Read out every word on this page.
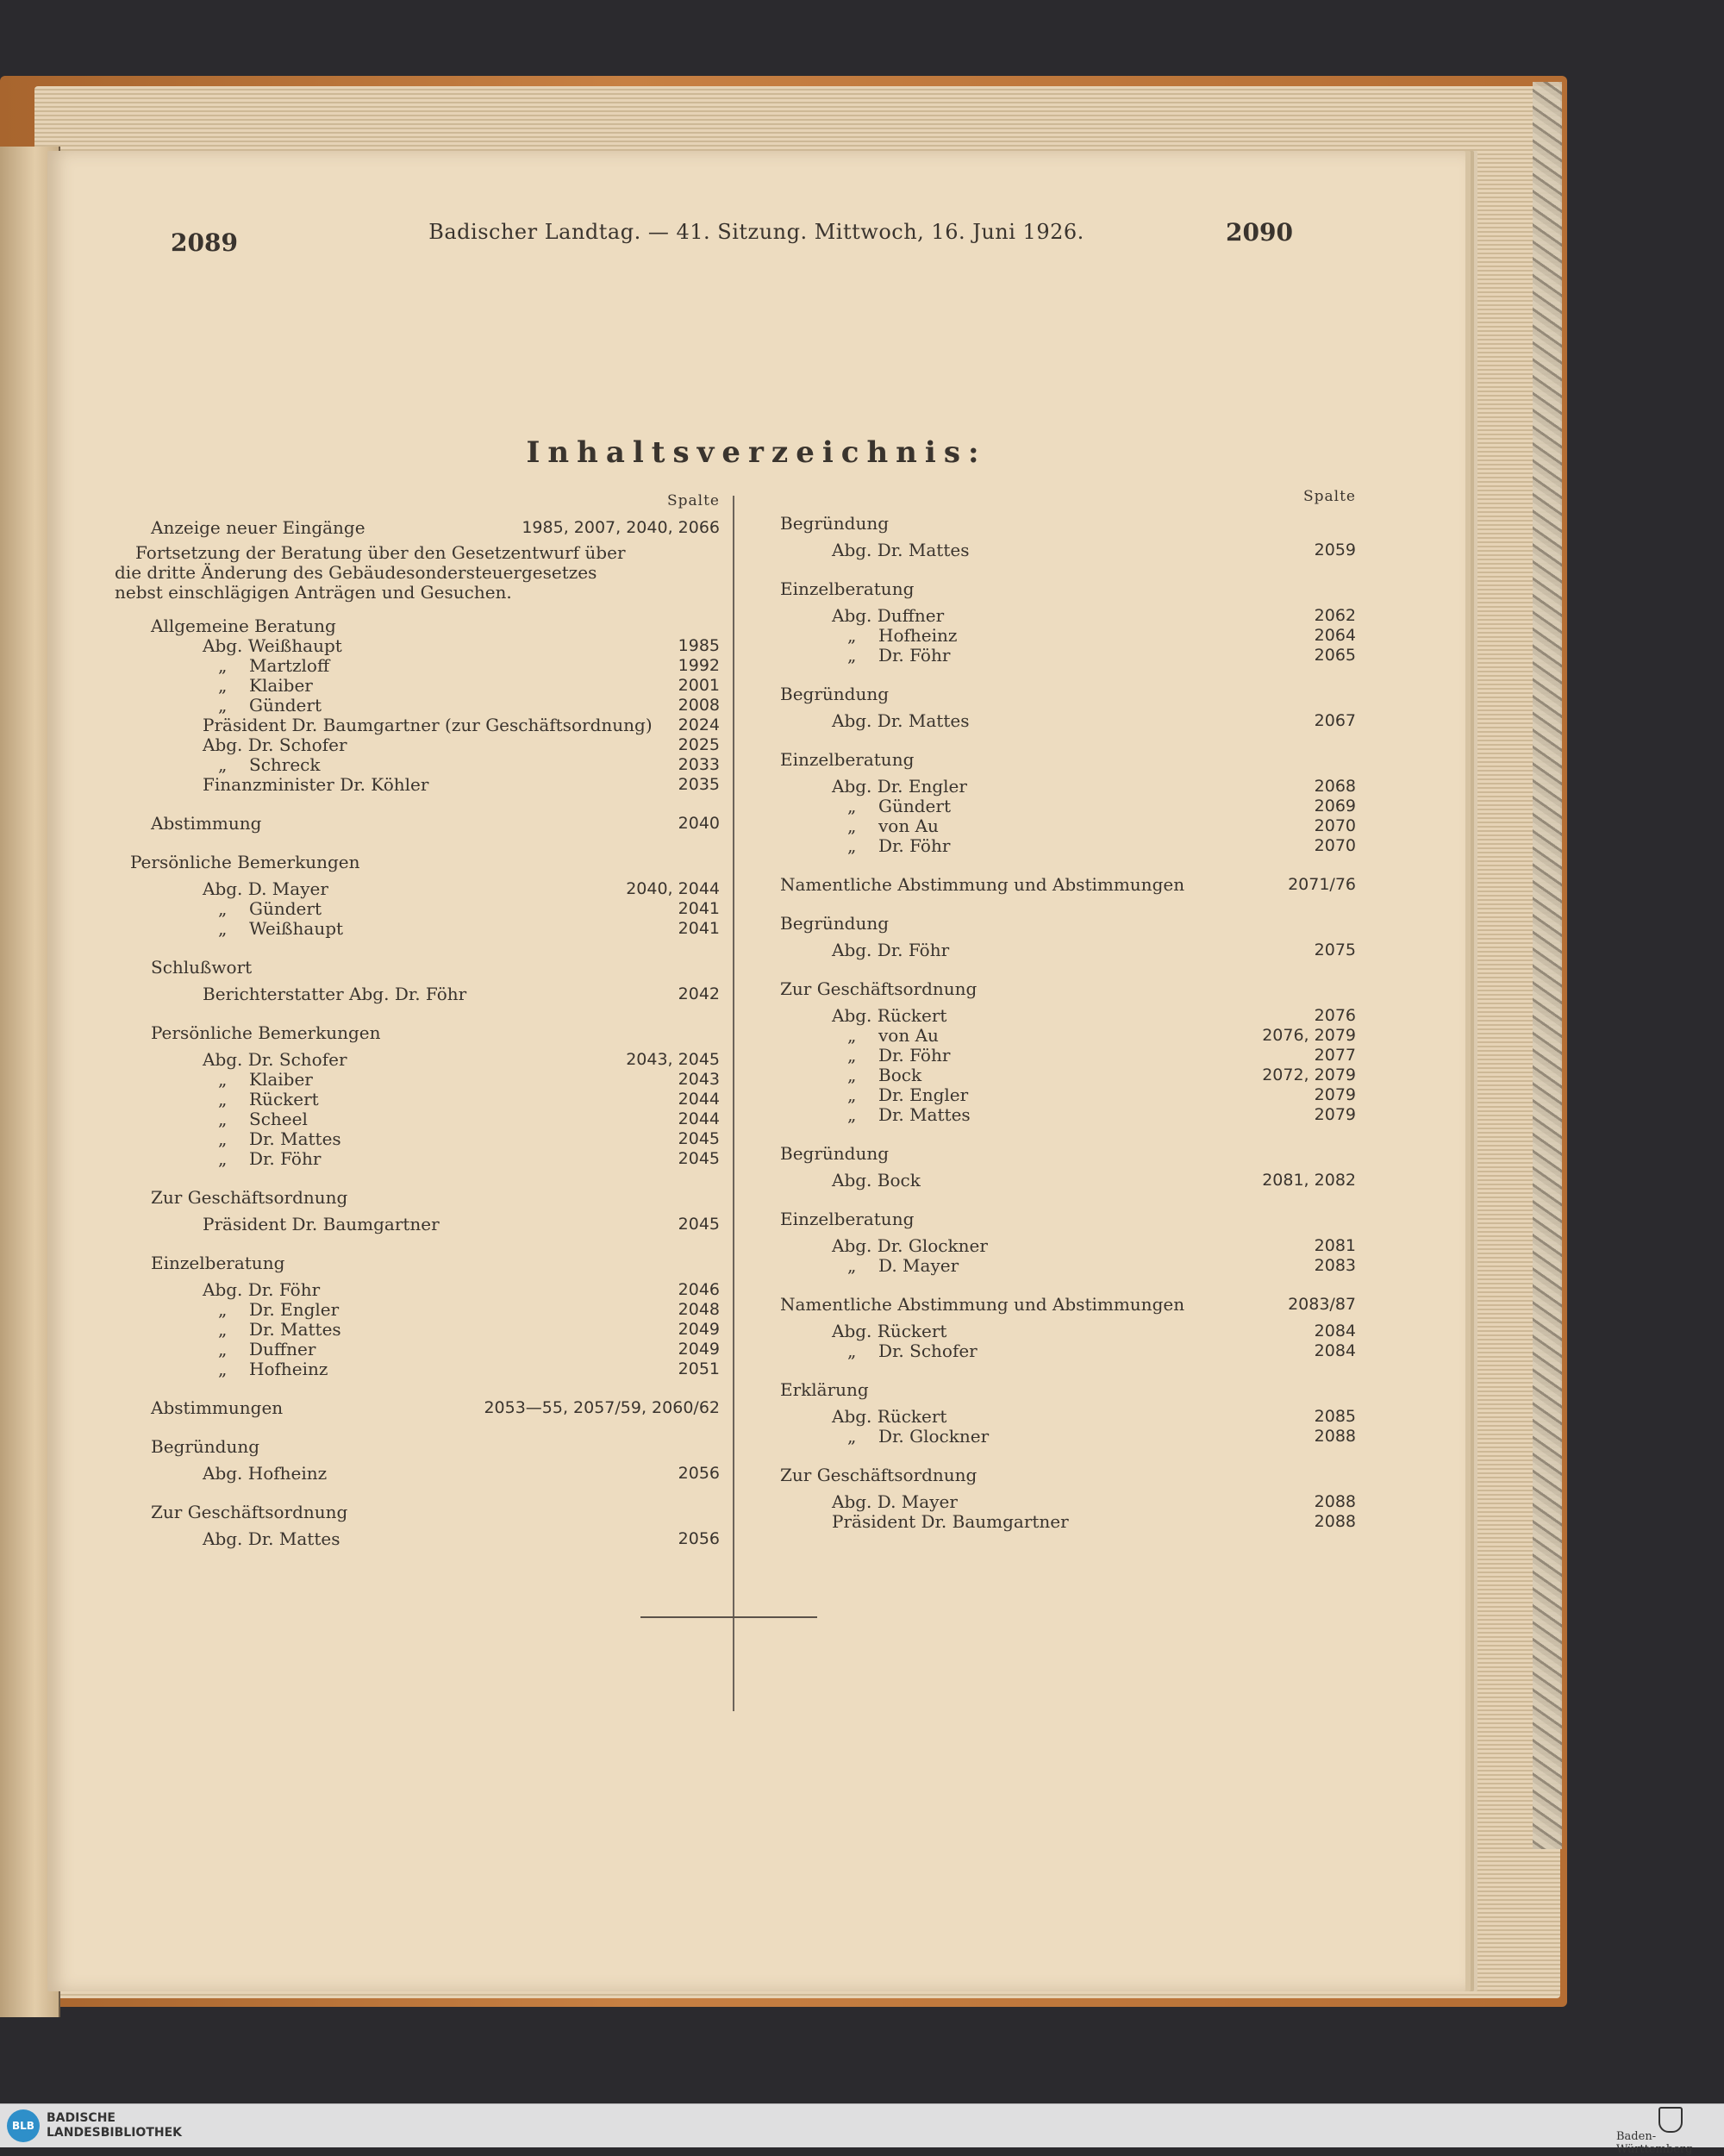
2089	Badischer Landtag. — 41. Sitzung. Mittwoch, 16. Juni 1926.	2090
Inhaltsverzeichnis:
Spalte
Anzeige neuer Eingänge	1985, 2007, 2040, 2066
Fortsetzung der Beratung über den Gesetzentwurf über die dritte Änderung des Gebäudesondersteuergesetzes nebst einschlägigen Anträgen und Gesuchen.
Allgemeine Beratung
Abg. Weißhaupt	1985
„ Martzloff	1992
„ Klaiber	2001
„ Gündert	2008
Präsident Dr. Baumgartner (zur Geschäftsordnung) 2024
Abg. Dr. Schofer	2025
„ Schreck	2033
Finanzminister Dr. Köhler	2035
Abstimmung	2040
Persönliche Bemerkungen
Abg. D. Mayer	2040, 2044
„ Gündert	2041
„ Weißhaupt	2041
Schlußwort
Berichterstatter Abg. Dr. Föhr	2042
Persönliche Bemerkungen
Abg. Dr. Schofer	2043, 2045
„ Klaiber	2043
„ Rückert	2044
„ Scheel	2044
„ Dr. Mattes	2045
„ Dr. Föhr	2045
Zur Geschäftsordnung
Präsident Dr. Baumgartner	2045
Einzelberatung
Abg. Dr. Föhr	2046
„ Dr. Engler	2048
„ Dr. Mattes	2049
„ Duffner	2049
„ Hofheinz	2051
Abstimmungen	2053—55, 2057/59, 2060/62
Begründung
Abg. Hofheinz	2056
Zur Geschäftsordnung
Abg. Dr. Mattes	2056
Spalte
Begründung
Abg. Dr. Mattes	2059
Einzelberatung
Abg. Duffner	2062
„ Hofheinz	2064
„ Dr. Föhr	2065
Begründung
Abg. Dr. Mattes	2067
Einzelberatung
Abg. Dr. Engler	2068
„ Gündert	2069
„ von Au	2070
„ Dr. Föhr	2070
Namentliche Abstimmung und Abstimmungen	2071/76
Begründung
Abg. Dr. Föhr	2075
Zur Geschäftsordnung
Abg. Rückert	2076
„ von Au	2076, 2079
„ Dr. Föhr	2077
„ Bock	2072, 2079
„ Dr. Engler	2079
„ Dr. Mattes	2079
Begründung
Abg. Bock	2081, 2082
Einzelberatung
Abg. Dr. Glockner	2081
„ D. Mayer	2083
Namentliche Abstimmung und Abstimmungen	2083/87
Abg. Rückert	2084
„ Dr. Schofer	2084
Erklärung
Abg. Rückert	2085
„ Dr. Glockner	2088
Zur Geschäftsordnung
Abg. D. Mayer	2088
Präsident Dr. Baumgartner	2088
BLB
BADISCHE
LANDESBIBLIOTHEK	Baden-Württemberg
